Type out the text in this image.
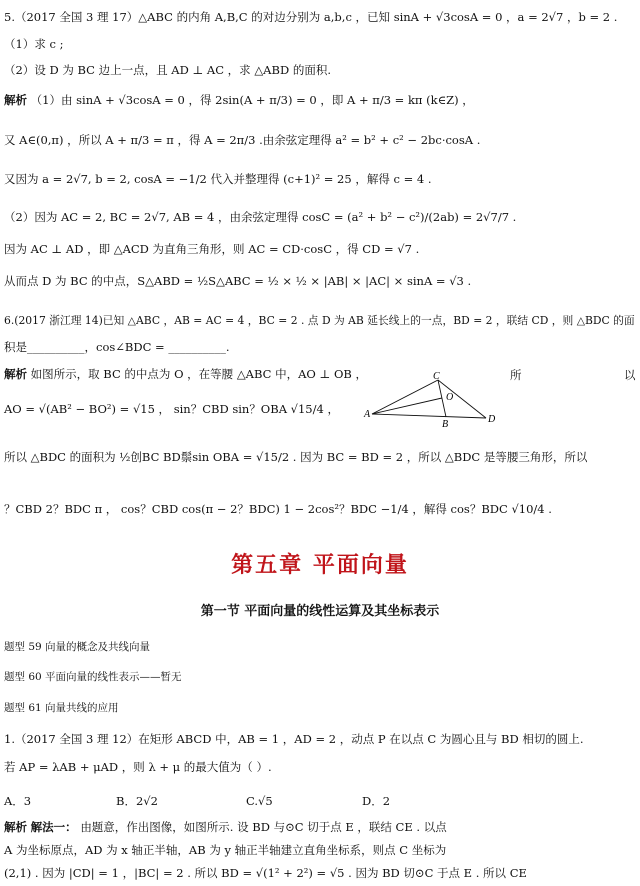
5.（2017 全国 3 理 17）△ABC 的内角 A,B,C 的对边分别为 a,b,c ，已知 sinA + √3cosA = 0 ，a = 2√7 ，b = 2 .
（1）求 c ;
（2）设 D 为 BC 边上一点，且 AD ⊥ AC ，求 △ABD 的面积.
解析 （1）由 sinA + √3cosA = 0 ，得 2sin(A + π/3) = 0 ，即 A + π/3 = kπ (k∈Z) ，
又 A∈(0,π) ，所以 A + π/3 = π ，得 A = 2π/3 .由余弦定理得 a² = b² + c² − 2bc·cosA .
又因为 a = 2√7, b = 2, cosA = −1/2 代入并整理得 (c+1)² = 25 ，解得 c = 4 .
（2）因为 AC = 2, BC = 2√7, AB = 4 ，由余弦定理得 cosC = (a² + b² − c²)/(2ab) = 2√7/7 .
因为 AC ⊥ AD ，即 △ACD 为直角三角形，则 AC = CD·cosC ，得 CD = √7 .
从而点 D 为 BC 的中点，S△ABD = ½S△ABC = ½ × ½ × |AB| × |AC| × sinA = √3 .
6.(2017 浙江理 14)已知 △ABC ，AB = AC = 4 ，BC = 2 . 点 D 为 AB 延长线上的一点，BD = 2 ，联结 CD ，则 △BDC 的面
积是__________，cos∠BDC = __________.
解析 如图所示，取 BC 的中点为 O ，在等腰 △ABC 中，AO ⊥ OB ，	所	以
C
O
A
B	D
AO = √(AB² − BO²) = √15 ， sin？CBD sin？OBA √15/4 ，
所以 △BDC 的面积为 ½创BC BD鬃sin OBA = √15/2 . 因为 BC = BD = 2 ，所以 △BDC 是等腰三角形，所以
？CBD 2？BDC π ， cos？CBD cos(π − 2？BDC) 1 − 2cos²？BDC −1/4 ，解得 cos？BDC √10/4 .
第五章 平面向量
第一节 平面向量的线性运算及其坐标表示
题型 59 向量的概念及共线向量
题型 60 平面向量的线性表示——暂无
题型 61 向量共线的应用
1.（2017 全国 3 理 12）在矩形 ABCD 中，AB = 1 ，AD = 2 ，动点 P 在以点 C 为圆心且与 BD 相切的圆上.
若 AP = λAB + μAD ，则 λ + μ 的最大值为（ ）.
A．3	B．2√2	C.√5	D．2
解析 解法一： 由题意，作出图像，如图所示. 设 BD 与⊙C 切于点 E ，联结 CE . 以点
A 为坐标原点，AD 为 x 轴正半轴，AB 为 y 轴正半轴建立直角坐标系，则点 C 坐标为
(2,1) . 因为 |CD| = 1 ，|BC| = 2 . 所以 BD = √(1² + 2²) = √5 . 因为 BD 切⊙C 于点 E . 所以 CE
